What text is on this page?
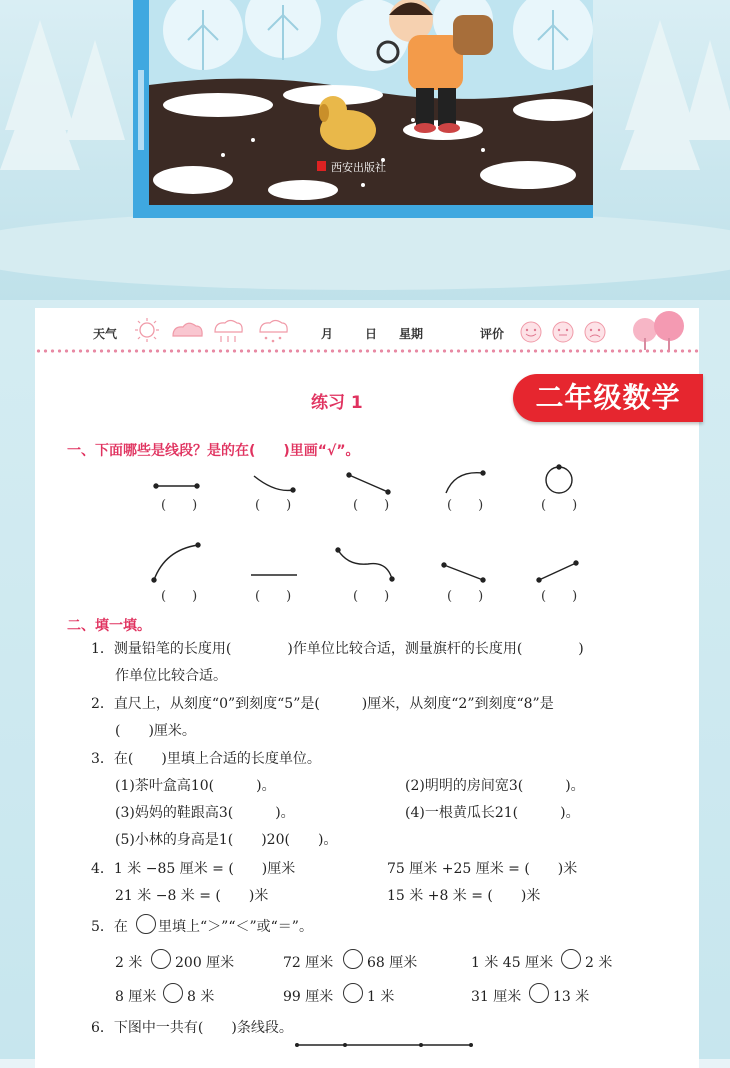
西安出版社
天气	月	日 星期	评价
二年级数学
练习 1
一、下面哪些是线段？是的在(　　)里画“√”。
(　　)	(　　)	(　　)	(　　)	(　　)
(　　)	(　　)	(　　)	(　　)	(　　)
二、填一填。
1．测量铅笔的长度用(　　　　)作单位比较合适，测量旗杆的长度用(　　　　)
作单位比较合适。
2．直尺上，从刻度“0”到刻度“5”是(　　　)厘米，从刻度“2”到刻度“8”是
(　　)厘米。
3．在(　　)里填上合适的长度单位。
(1)茶叶盒高10(　　　)。	(2)明明的房间宽3(　　　)。
(3)妈妈的鞋跟高3(　　　)。	(4)一根黄瓜长21(　　　)。
(5)小林的身高是1(　　)20(　　)。
4．1 米 −85 厘米 = (　　)厘米	75 厘米 +25 厘米 = (　　)米
21 米 −8 米 = (　　)米	15 米 +8 米 = (　　)米
5．在 里填上“＞”“＜”或“＝”。
2 米 200 厘米	72 厘米 68 厘米	1 米 45 厘米 2 米
8 厘米 8 米	99 厘米 1 米	31 厘米 13 米
6．下图中一共有(　　)条线段。
